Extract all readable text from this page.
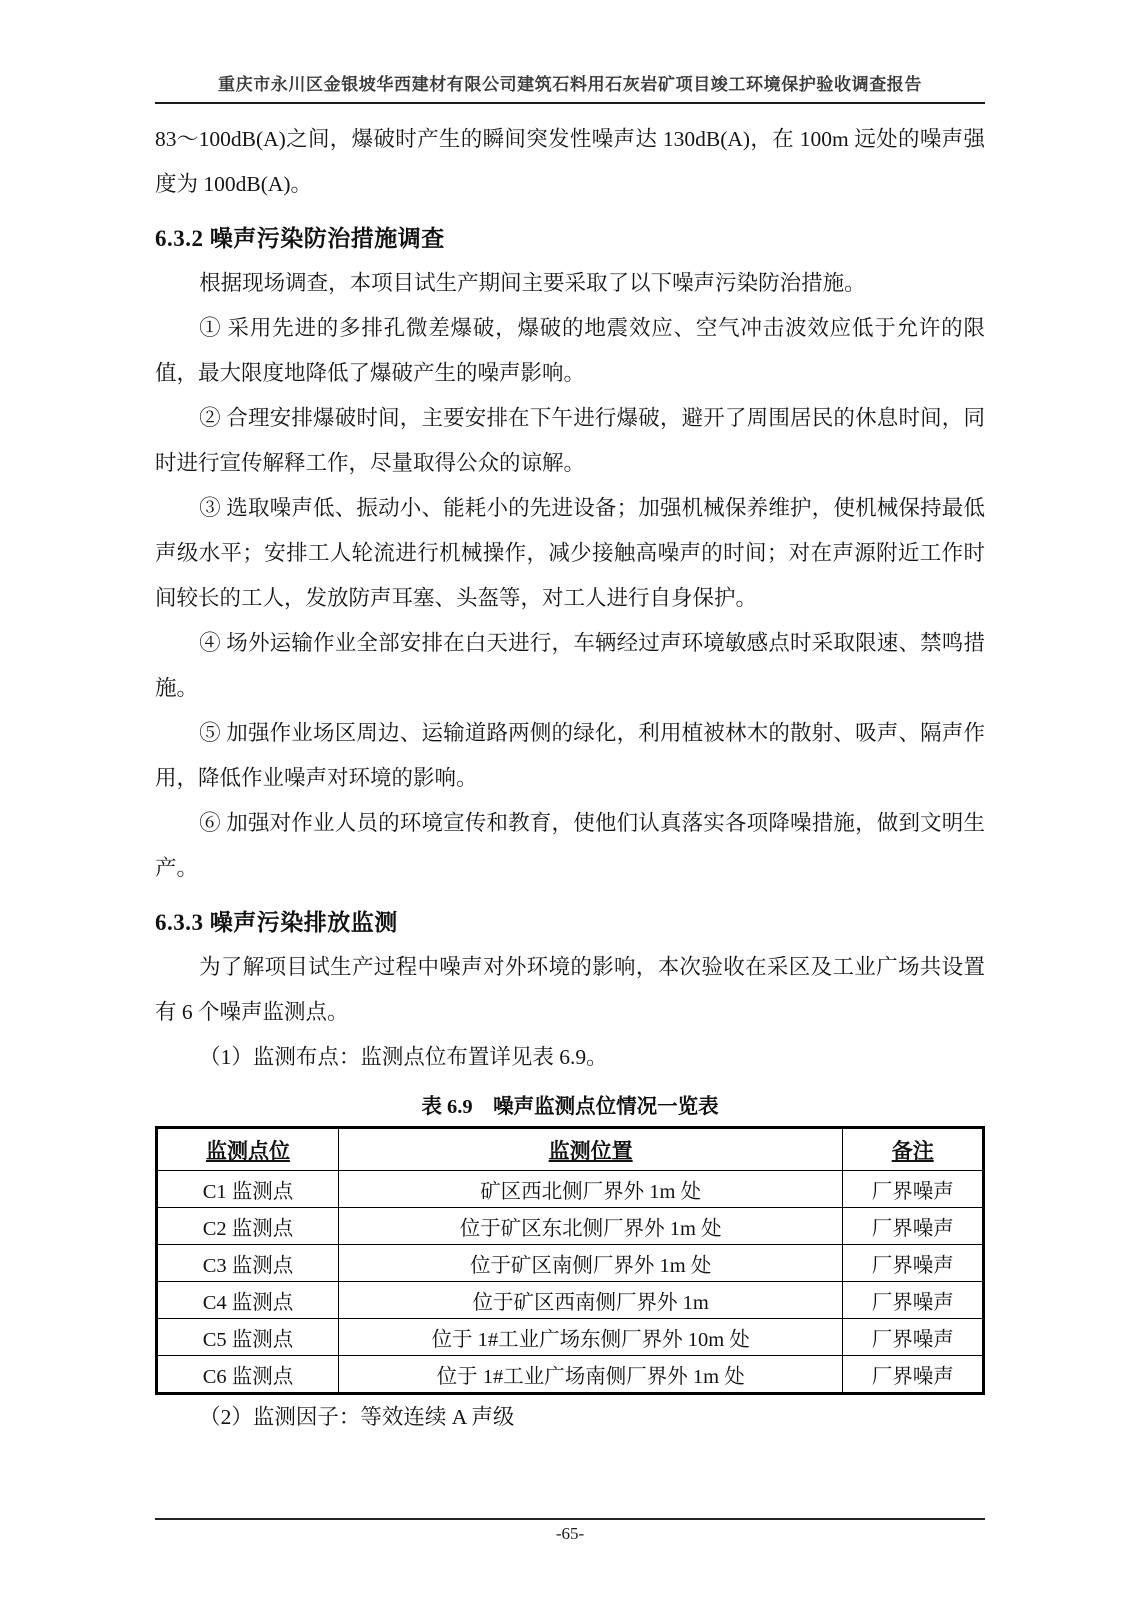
重庆市永川区金银坡华西建材有限公司建筑石料用石灰岩矿项目竣工环境保护验收调查报告

83～100dB(A)之间，爆破时产生的瞬间突发性噪声达 130dB(A)，在 100m 远处的噪声强度为 100dB(A)。

6.3.2 噪声污染防治措施调查

根据现场调查，本项目试生产期间主要采取了以下噪声污染防治措施。

① 采用先进的多排孔微差爆破，爆破的地震效应、空气冲击波效应低于允许的限值，最大限度地降低了爆破产生的噪声影响。

② 合理安排爆破时间，主要安排在下午进行爆破，避开了周围居民的休息时间，同时进行宣传解释工作，尽量取得公众的谅解。

③ 选取噪声低、振动小、能耗小的先进设备；加强机械保养维护，使机械保持最低声级水平；安排工人轮流进行机械操作，减少接触高噪声的时间；对在声源附近工作时间较长的工人，发放防声耳塞、头盔等，对工人进行自身保护。

④ 场外运输作业全部安排在白天进行，车辆经过声环境敏感点时采取限速、禁鸣措施。

⑤ 加强作业场区周边、运输道路两侧的绿化，利用植被林木的散射、吸声、隔声作用，降低作业噪声对环境的影响。

⑥ 加强对作业人员的环境宣传和教育，使他们认真落实各项降噪措施，做到文明生产。

6.3.3 噪声污染排放监测

为了解项目试生产过程中噪声对外环境的影响，本次验收在采区及工业广场共设置有 6 个噪声监测点。

（1）监测布点：监测点位布置详见表 6.9。

表 6.9　噪声监测点位情况一览表
监测点位	监测位置	备注
C1 监测点	矿区西北侧厂界外 1m 处	厂界噪声
C2 监测点	位于矿区东北侧厂界外 1m 处	厂界噪声
C3 监测点	位于矿区南侧厂界外 1m 处	厂界噪声
C4 监测点	位于矿区西南侧厂界外 1m	厂界噪声
C5 监测点	位于 1#工业广场东侧厂界外 10m 处	厂界噪声
C6 监测点	位于 1#工业广场南侧厂界外 1m 处	厂界噪声

（2）监测因子：等效连续 A 声级

-65-
